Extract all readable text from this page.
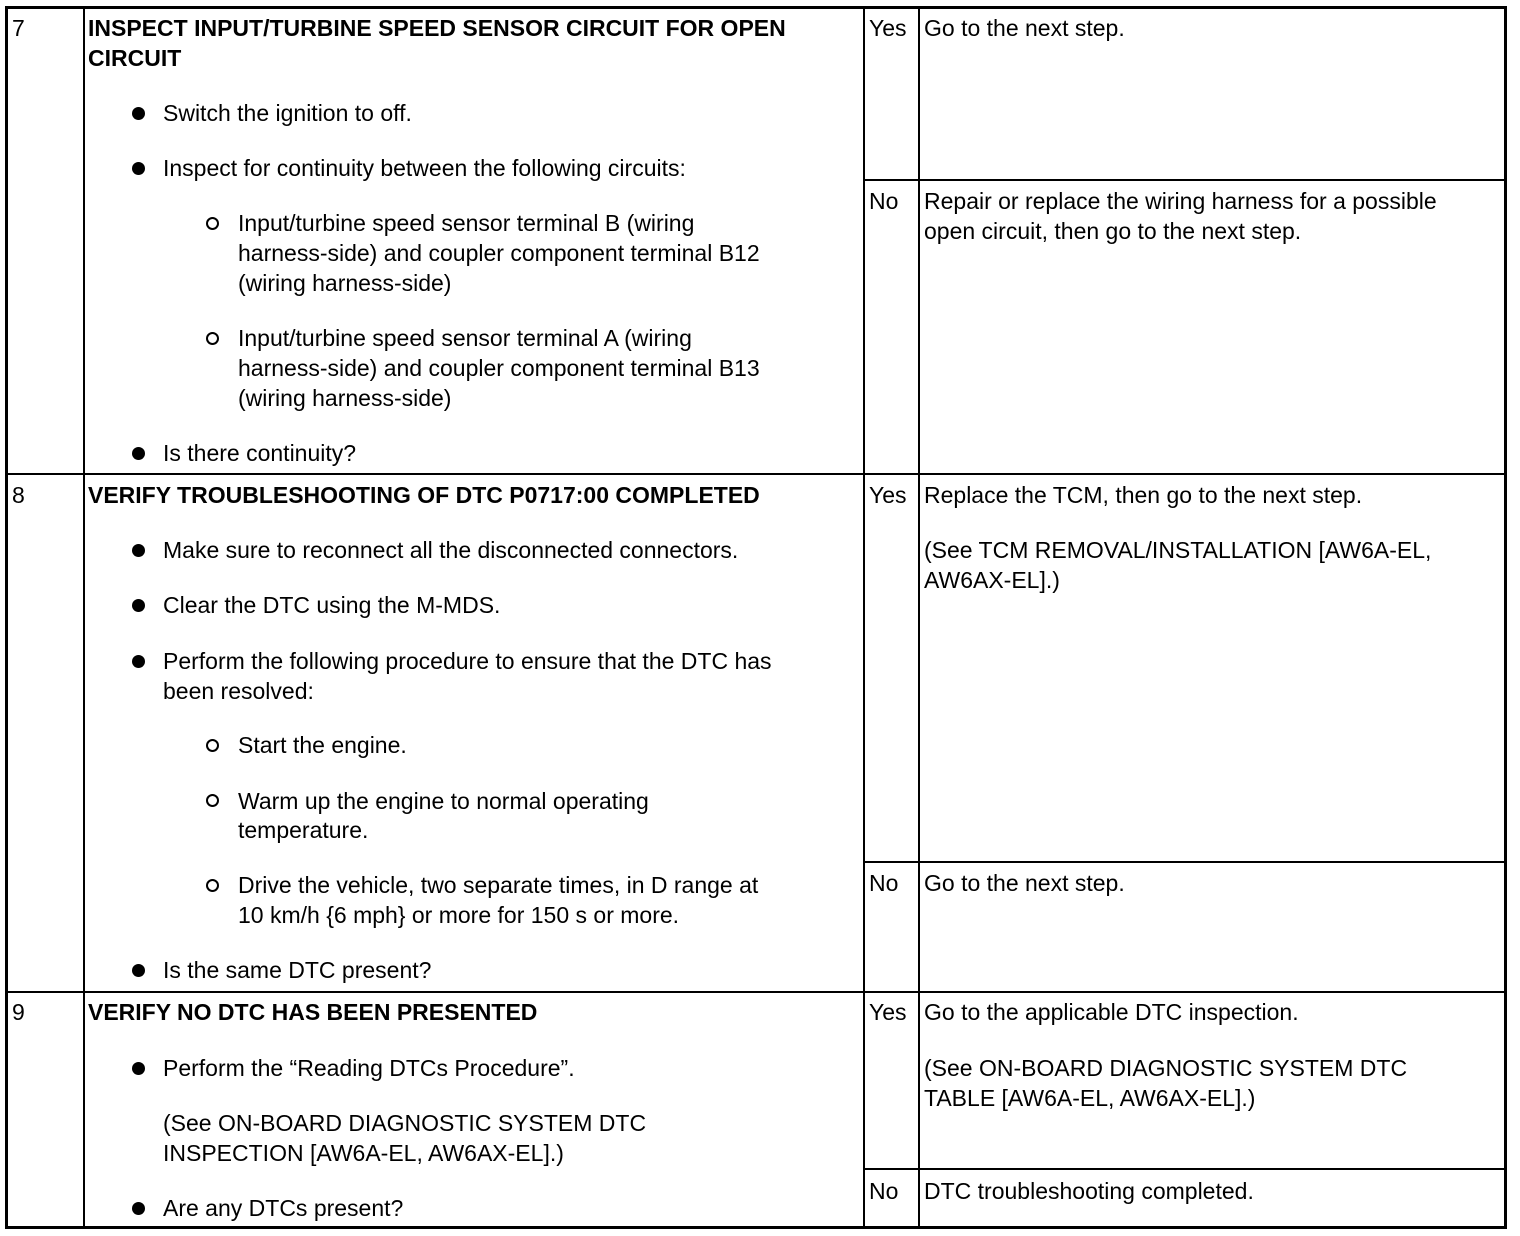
7	INSPECT INPUT/TURBINE SPEED SENSOR CIRCUIT FOR OPEN
CIRCUIT
Switch the ignition to off.
Inspect for continuity between the following circuits:
Input/turbine speed sensor terminal B (wiring
harness-side) and coupler component terminal B12
(wiring harness-side)
Input/turbine speed sensor terminal A (wiring
harness-side) and coupler component terminal B13
(wiring harness-side)
Is there continuity?
Yes Go to the next step.
No Repair or replace the wiring harness for a possible
open circuit, then go to the next step.
8	VERIFY TROUBLESHOOTING OF DTC P0717:00 COMPLETED
Make sure to reconnect all the disconnected connectors.
Clear the DTC using the M-MDS.
Perform the following procedure to ensure that the DTC has
been resolved:
Start the engine.
Warm up the engine to normal operating
temperature.
Drive the vehicle, two separate times, in D range at
10 km/h {6 mph} or more for 150 s or more.
Is the same DTC present?
Yes Replace the TCM, then go to the next step.
(See TCM REMOVAL/INSTALLATION [AW6A-EL,
AW6AX-EL].)
No Go to the next step.
9	VERIFY NO DTC HAS BEEN PRESENTED
Perform the “Reading DTCs Procedure”.
(See ON-BOARD DIAGNOSTIC SYSTEM DTC
INSPECTION [AW6A-EL, AW6AX-EL].)
Are any DTCs present?
Yes Go to the applicable DTC inspection.
(See ON-BOARD DIAGNOSTIC SYSTEM DTC
TABLE [AW6A-EL, AW6AX-EL].)
No DTC troubleshooting completed.
